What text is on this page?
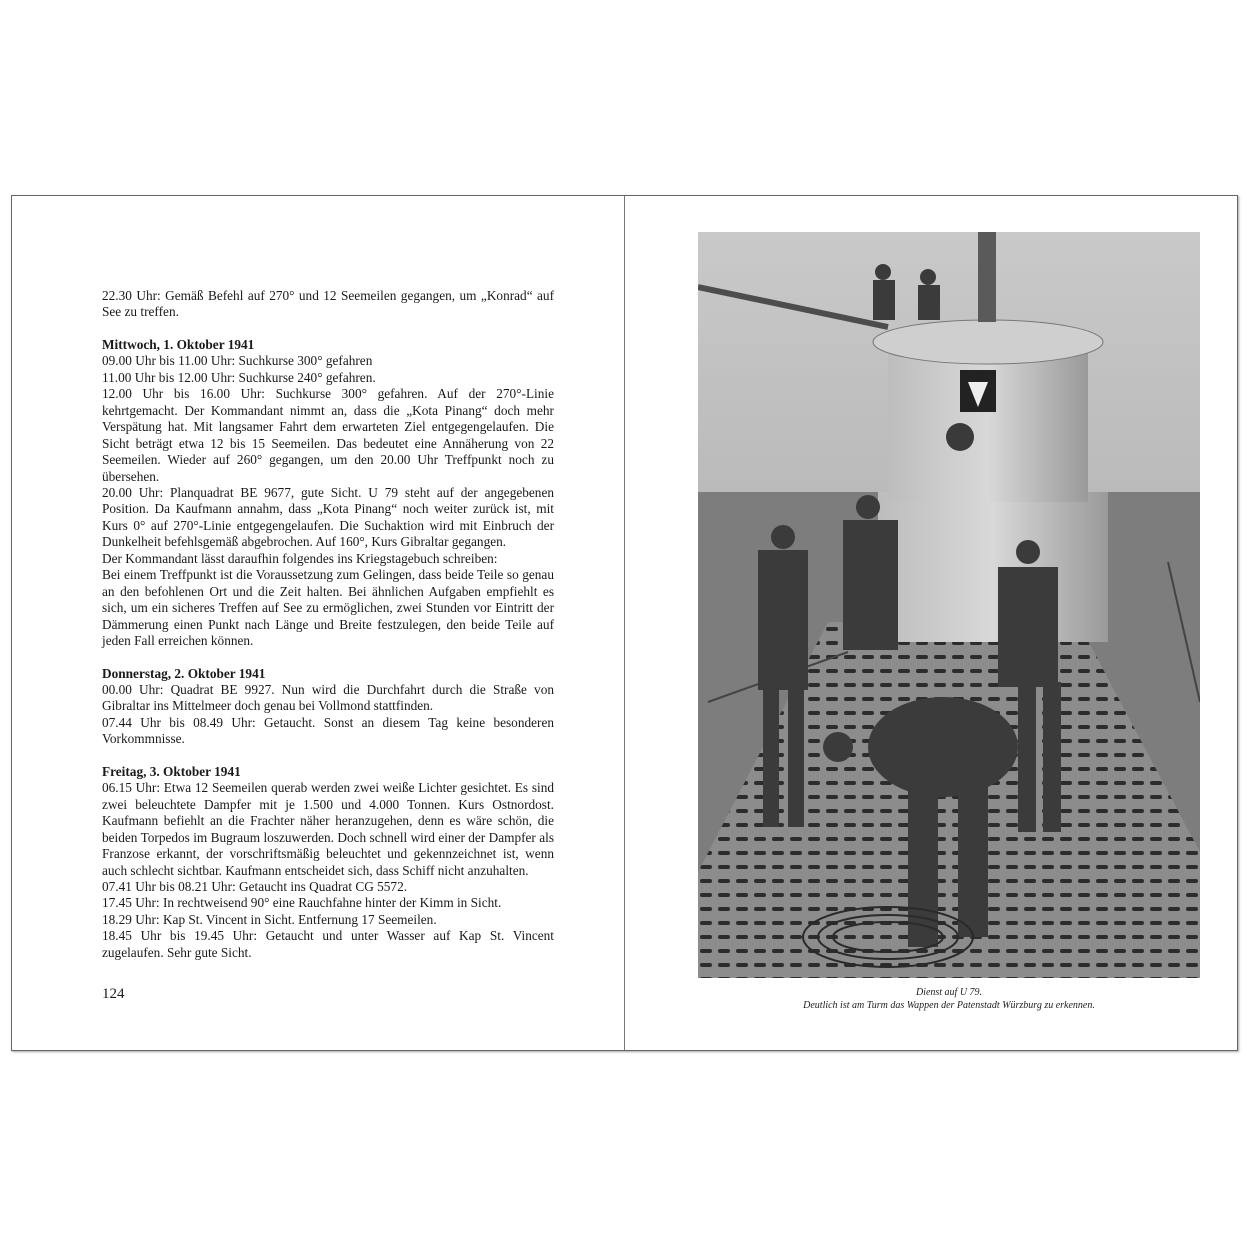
22.30 Uhr: Gemäß Befehl auf 270° und 12 Seemeilen gegangen, um „Konrad“ auf See zu treffen.

Mittwoch, 1. Oktober 1941

09.00 Uhr bis 11.00 Uhr: Suchkurse 300° gefahren

11.00 Uhr bis 12.00 Uhr: Suchkurse 240° gefahren.

12.00 Uhr bis 16.00 Uhr: Suchkurse 300° gefahren. Auf der 270°-Linie kehrtgemacht. Der Kommandant nimmt an, dass die „Kota Pinang“ doch mehr Verspätung hat. Mit langsamer Fahrt dem erwarteten Ziel entgegengelaufen. Die Sicht beträgt etwa 12 bis 15 Seemeilen. Das bedeutet eine Annäherung von 22 Seemeilen. Wieder auf 260° gegangen, um den 20.00 Uhr Treffpunkt noch zu übersehen.

20.00 Uhr: Planquadrat BE 9677, gute Sicht. U 79 steht auf der angegebenen Position. Da Kaufmann annahm, dass „Kota Pinang“ noch weiter zurück ist, mit Kurs 0° auf 270°-Linie entgegengelaufen. Die Suchaktion wird mit Einbruch der Dunkelheit befehlsgemäß abgebrochen. Auf 160°, Kurs Gibraltar gegangen.

Der Kommandant lässt daraufhin folgendes ins Kriegstagebuch schreiben:

Bei einem Treffpunkt ist die Voraussetzung zum Gelingen, dass beide Teile so genau an den befohlenen Ort und die Zeit halten. Bei ähnlichen Aufgaben empfiehlt es sich, um ein sicheres Treffen auf See zu ermöglichen, zwei Stunden vor Eintritt der Dämmerung einen Punkt nach Länge und Breite festzulegen, den beide Teile auf jeden Fall erreichen können.

Donnerstag, 2. Oktober 1941

00.00 Uhr: Quadrat BE 9927. Nun wird die Durchfahrt durch die Straße von Gibraltar ins Mittelmeer doch genau bei Vollmond stattfinden.

07.44 Uhr bis 08.49 Uhr: Getaucht. Sonst an diesem Tag keine besonderen Vorkommnisse.

Freitag, 3. Oktober 1941

06.15 Uhr: Etwa 12 Seemeilen querab werden zwei weiße Lichter gesichtet. Es sind zwei beleuchtete Dampfer mit je 1.500 und 4.000 Tonnen. Kurs Ostnordost. Kaufmann befiehlt an die Frachter näher heranzugehen, denn es wäre schön, die beiden Torpedos im Bugraum loszuwerden. Doch schnell wird einer der Dampfer als Franzose erkannt, der vorschriftsmäßig beleuchtet und gekennzeichnet ist, wenn auch schlecht sichtbar. Kaufmann entscheidet sich, dass Schiff nicht anzuhalten.

07.41 Uhr bis 08.21 Uhr: Getaucht ins Quadrat CG 5572.

17.45 Uhr: In rechtweisend 90° eine Rauchfahne hinter der Kimm in Sicht.

18.29 Uhr: Kap St. Vincent in Sicht. Entfernung 17 Seemeilen.

18.45 Uhr bis 19.45 Uhr: Getaucht und unter Wasser auf Kap St. Vincent zugelaufen. Sehr gute Sicht.

124	Dienst auf U 79.
Deutlich ist am Turm das Wappen der Patenstadt Würzburg zu erkennen.
